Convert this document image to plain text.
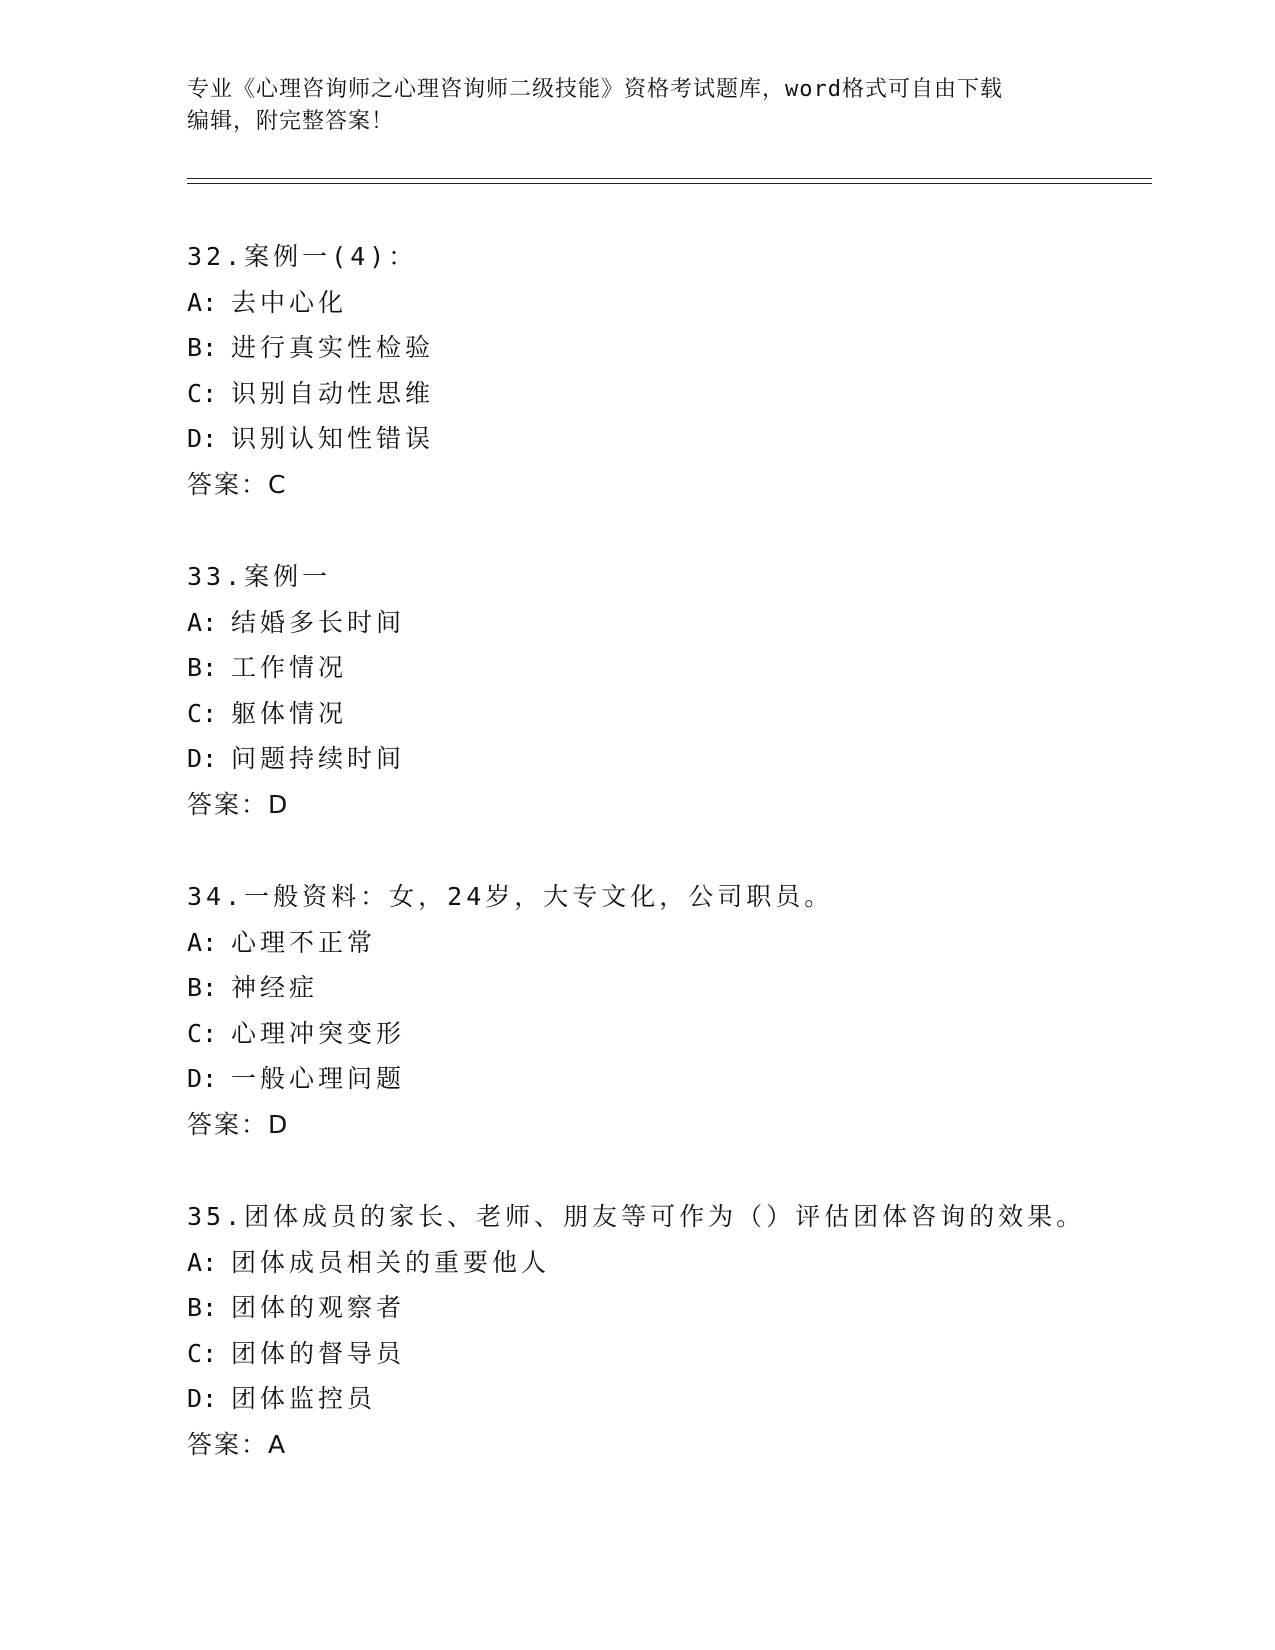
专业《心理咨询师之心理咨询师二级技能》资格考试题库，word格式可自由下载
编辑，附完整答案！
32.案例一(4)：
A: 去中心化
B: 进行真实性检验
C: 识别自动性思维
D: 识别认知性错误
答案：C
33.案例一
A: 结婚多长时间
B: 工作情况
C: 躯体情况
D: 问题持续时间
答案：D
34.一般资料：女，24岁，大专文化，公司职员。
A: 心理不正常
B: 神经症
C: 心理冲突变形
D: 一般心理问题
答案：D
35.团体成员的家长、老师、朋友等可作为（）评估团体咨询的效果。
A: 团体成员相关的重要他人
B: 团体的观察者
C: 团体的督导员
D: 团体监控员
答案：A
